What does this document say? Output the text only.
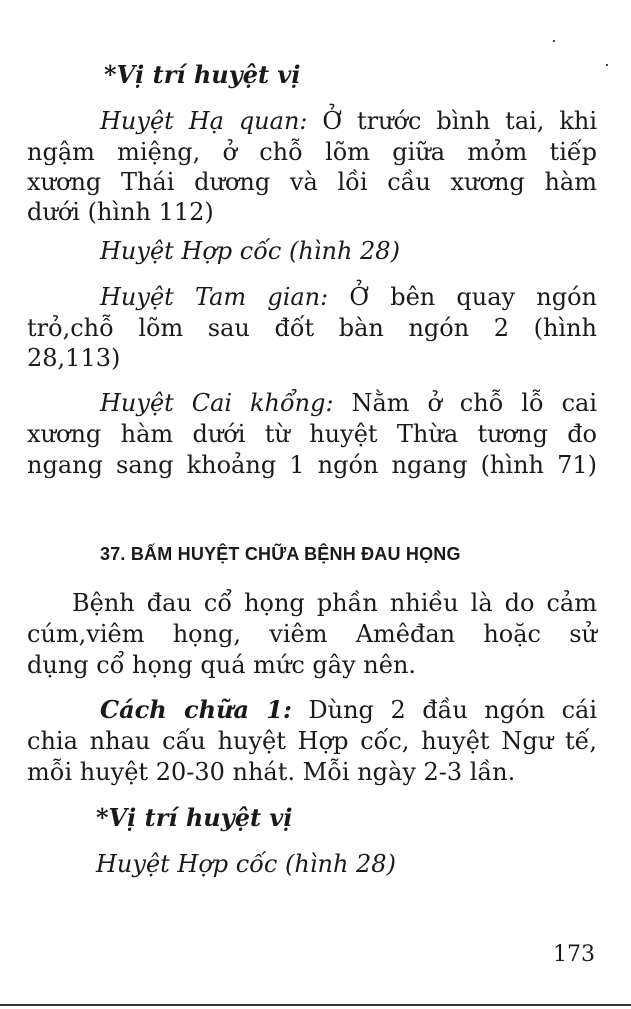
*Vị trí huyệt vị
Huyệt Hạ quan: Ở trước bình tai, khi
ngậm miệng, ở chỗ lõm giữa mỏm tiếp
xương Thái dương và lồi cầu xương hàm
dưới (hình 112)
Huyệt Hợp cốc (hình 28)
Huyệt Tam gian: Ở bên quay ngón
trỏ,chỗ lõm sau đốt bàn ngón 2 (hình
28,113)
Huyệt Cai khổng: Nằm ở chỗ lỗ cai
xương hàm dưới từ huyệt Thừa tương đo
ngang sang khoảng 1 ngón ngang (hình 71)
37. BẤM HUYỆT CHỮA BỆNH ĐAU HỌNG
Bệnh đau cổ họng phần nhiều là do cảm
cúm,viêm họng, viêm Amêđan hoặc sử
dụng cổ họng quá mức gây nên.
Cách chữa 1: Dùng 2 đầu ngón cái
chia nhau cấu huyệt Hợp cốc, huyệt Ngư tế,
mỗi huyệt 20-30 nhát. Mỗi ngày 2-3 lần.
*Vị trí huyệt vị
Huyệt Hợp cốc (hình 28)
173
